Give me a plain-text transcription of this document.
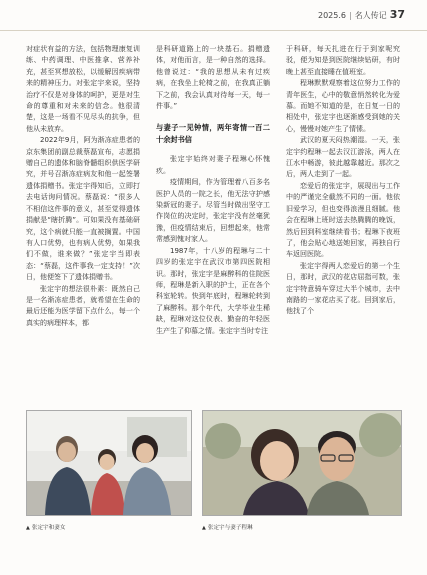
2025.6 | 名人传记 37

对症状有益的方法，包括物理康复训练、中药调理、中医推拿、营养补充，甚至冥想放松，以缓解因疾病带来的精神压力。对张定宇来说，坚持治疗不仅是对身体的呵护，更是对生命的尊重和对未来的信念。他很清楚，这是一场看不见尽头的抗争，但他从未放弃。

2022年9月，阿为渐冻症患者的京东集团前副总裁蔡磊宣布，志愿捐赠自己的遗体和脑脊髓组织供医学研究，并号召渐冻症病友和他一起签署遗体捐赠书。张定宇得知后，立即打去电话询问情况。蔡磊说：“很多人不相信这件事的意义，甚至觉得遗体捐献是“瞎折腾”。可如果没有基础研究，这个病就只能一直被搁置。中国有人口优势，也有病人优势，如果我们不做，谁来做？”张定宇当即表态：“蔡磊，这件事我一定支持！”次日，他便签下了遗体捐赠书。

张定宇的想法很朴素：既然自己是一名渐冻症患者，就希望在生命的最后还能为医学留下点什么，每一个真实的病理样本，都

是科研道路上的一块基石。捐赠遗体，对他而言，是一种自然的选择。他曾说过：“我的思想从未有过疾病，在我坐上轮椅之前，在我真正躺下之前，我会认真对待每一天，每一件事。”

与妻子一见钟情，两年寄情一百二十余封书信

张定宇始终对妻子程琳心怀愧疚。

疫情期间，作为管理着八百多名医护人员的一院之长，他无法守护感染新冠的妻子。尽管当时做出坚守工作岗位的决定时，张定宇没有丝毫犹豫，但疫情结束后，回想起来，他常常感到愧对家人。

1987年，十八岁的程琳与二十四岁的张定宇在武汉市第四医院相识。那时，张定宇是麻醉科的住院医师，程琳是新入职的护士，正在各个科室轮转。快到年底时，程琳轮转到了麻醉科。那个年代，大学毕业生稀缺，程琳对这位仪表、勤奋的年轻医生产生了仰慕之情。张定宇当时专注

于科研，每天扎进在行于到家呢究驳，便为知是到医院继续钻研，有时晚上甚至直接睡在值班室。

程琳默默观察着这位努力工作的青年医生，心中的敬意悄然转化为爱慕。而她不知道的是，在日复一日的相处中，张定宇也逐渐感受到她的关心，慢慢对她产生了情愫。

武汉的夏天闷热潮湿。一天，张定宇约程琳一起去汉江游泳，两人在江水中畅游，彼此越靠越近。那次之后，两人走到了一起。

恋爱后的张定宇，展现出与工作中的严谨完全截然不同的一面。他依旧爱学习，但也变得浪漫且细腻。他会在程琳上班时送去热腾腾的晚饭，然后回到科室继续看书；程琳下夜班了，他会贴心地送她回家，再独自行车返回医院。

张定宇得两人恋爱后的第一个生日，那时，武汉的花店屈指可数，张定宇特意骑车穿过大半个城市，去中南路的一家花店买了花。回到家后，他找了个

▲ 张定宇和妻女	▲ 张定宇与妻子程琳
